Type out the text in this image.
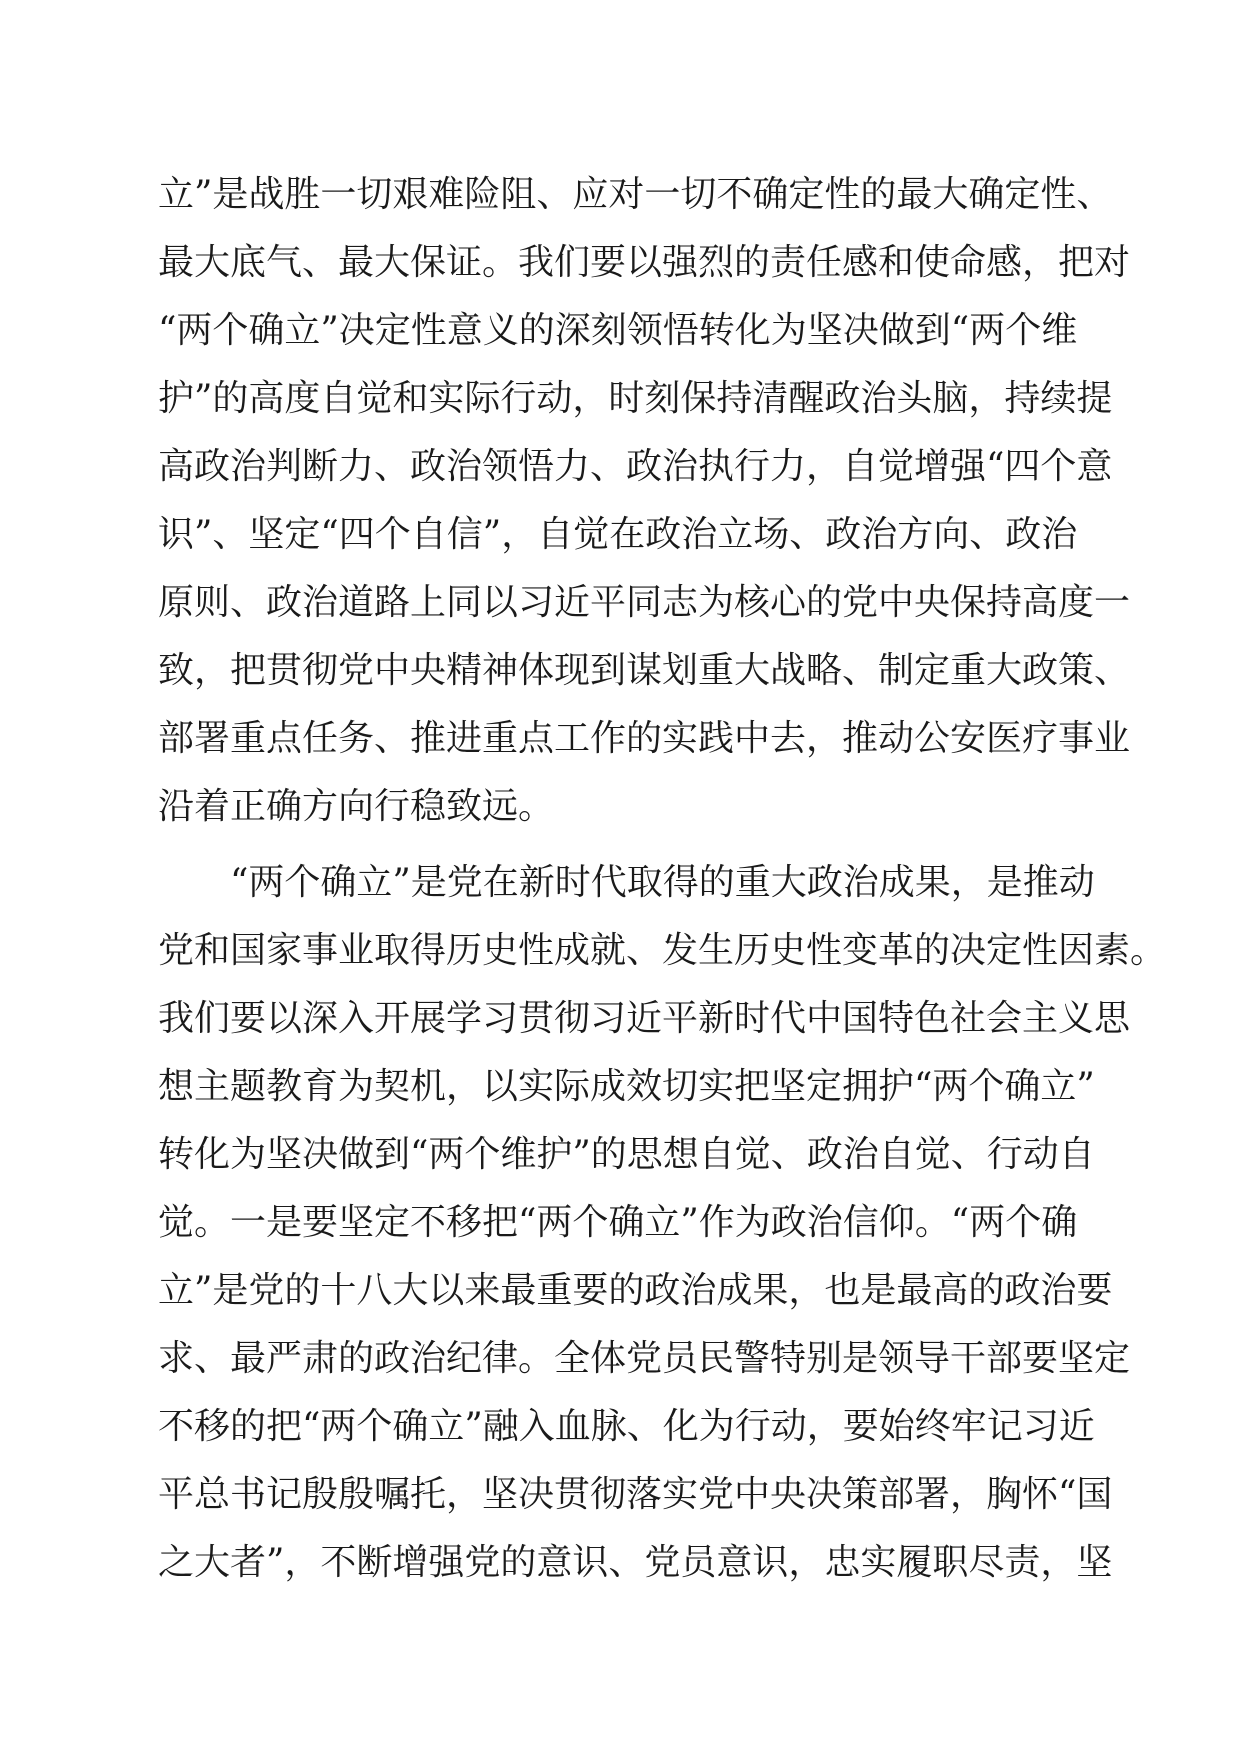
立”是战胜一切艰难险阻、应对一切不确定性的最大确定性、
最大底气、最大保证。我们要以强烈的责任感和使命感，把对
“两个确立”决定性意义的深刻领悟转化为坚决做到“两个维
护”的高度自觉和实际行动，时刻保持清醒政治头脑，持续提
高政治判断力、政治领悟力、政治执行力，自觉增强“四个意
识”、坚定“四个自信”，自觉在政治立场、政治方向、政治
原则、政治道路上同以习近平同志为核心的党中央保持高度一
致，把贯彻党中央精神体现到谋划重大战略、制定重大政策、
部署重点任务、推进重点工作的实践中去，推动公安医疗事业
沿着正确方向行稳致远。
“两个确立”是党在新时代取得的重大政治成果，是推动
党和国家事业取得历史性成就、发生历史性变革的决定性因素。
我们要以深入开展学习贯彻习近平新时代中国特色社会主义思
想主题教育为契机，以实际成效切实把坚定拥护“两个确立”
转化为坚决做到“两个维护”的思想自觉、政治自觉、行动自
觉。一是要坚定不移把“两个确立”作为政治信仰。“两个确
立”是党的十八大以来最重要的政治成果，也是最高的政治要
求、最严肃的政治纪律。全体党员民警特别是领导干部要坚定
不移的把“两个确立”融入血脉、化为行动，要始终牢记习近
平总书记殷殷嘱托，坚决贯彻落实党中央决策部署，胸怀“国
之大者”，不断增强党的意识、党员意识，忠实履职尽责，坚
